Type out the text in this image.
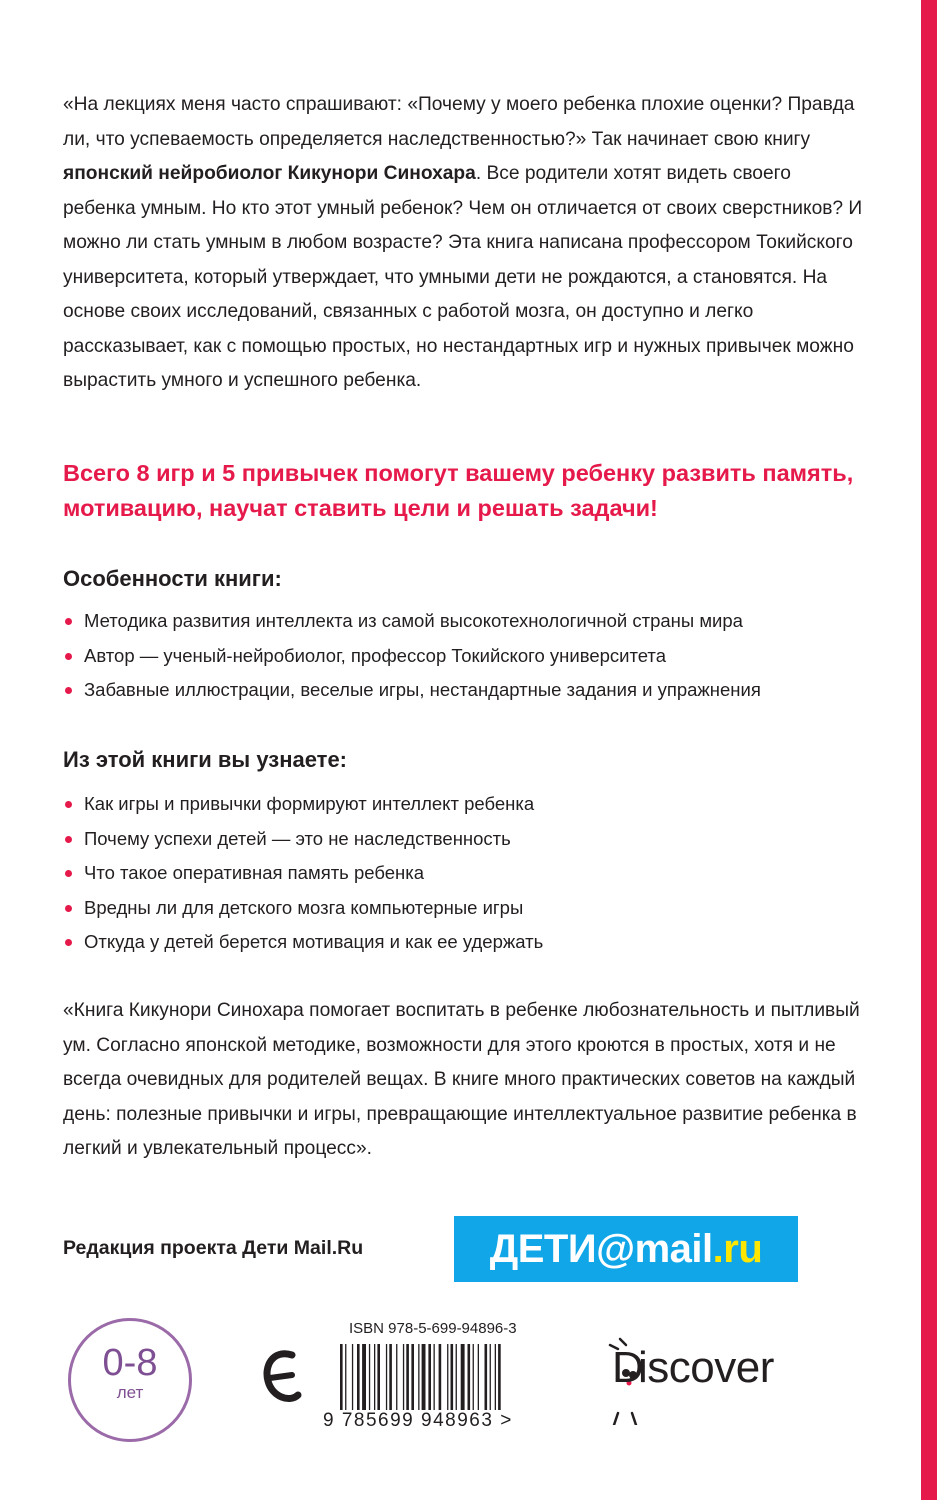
«На лекциях меня часто спрашивают: «Почему у моего ребенка плохие оценки? Правда ли, что успеваемость определяется наследственностью?» Так начинает свою книгу японский нейробиолог Кикунори Синохара. Все родители хотят видеть своего ребенка умным. Но кто этот умный ребенок? Чем он отличается от своих сверстников? И можно ли стать умным в любом возрасте? Эта книга написана профессором Токийского университета, который утверждает, что умными дети не рождаются, а становятся. На основе своих исследований, связанных с работой мозга, он доступно и легко рассказывает, как с помощью простых, но нестандартных игр и нужных привычек можно вырастить умного и успешного ребенка.

Всего 8 игр и 5 привычек помогут вашему ребенку развить память, мотивацию, научат ставить цели и решать задачи!

Особенности книги:
Методика развития интеллекта из самой высокотехнологичной страны мира
Автор — ученый-нейробиолог, профессор Токийского университета
Забавные иллюстрации, веселые игры, нестандартные задания и упражнения
Из этой книги вы узнаете:
Как игры и привычки формируют интеллект ребенка
Почему успехи детей — это не наследственность
Что такое оперативная память ребенка
Вредны ли для детского мозга компьютерные игры
Откуда у детей берется мотивация и как ее удержать

«Книга Кикунори Синохара помогает воспитать в ребенке любознательность и пытливый ум. Согласно японской методике, возможности для этого кроются в простых, хотя и не всегда очевидных для родителей вещах. В книге много практических советов на каждый день: полезные привычки и игры, превращающие интеллектуальное развитие ребенка в легкий и увлекательный процесс».

Редакция проекта Дети Mail.Ru	ДЕТИ@mail.ru
0-8
лет

ISBN 978-5-699-94896-3

9 785699 948963 >

D

iscover
